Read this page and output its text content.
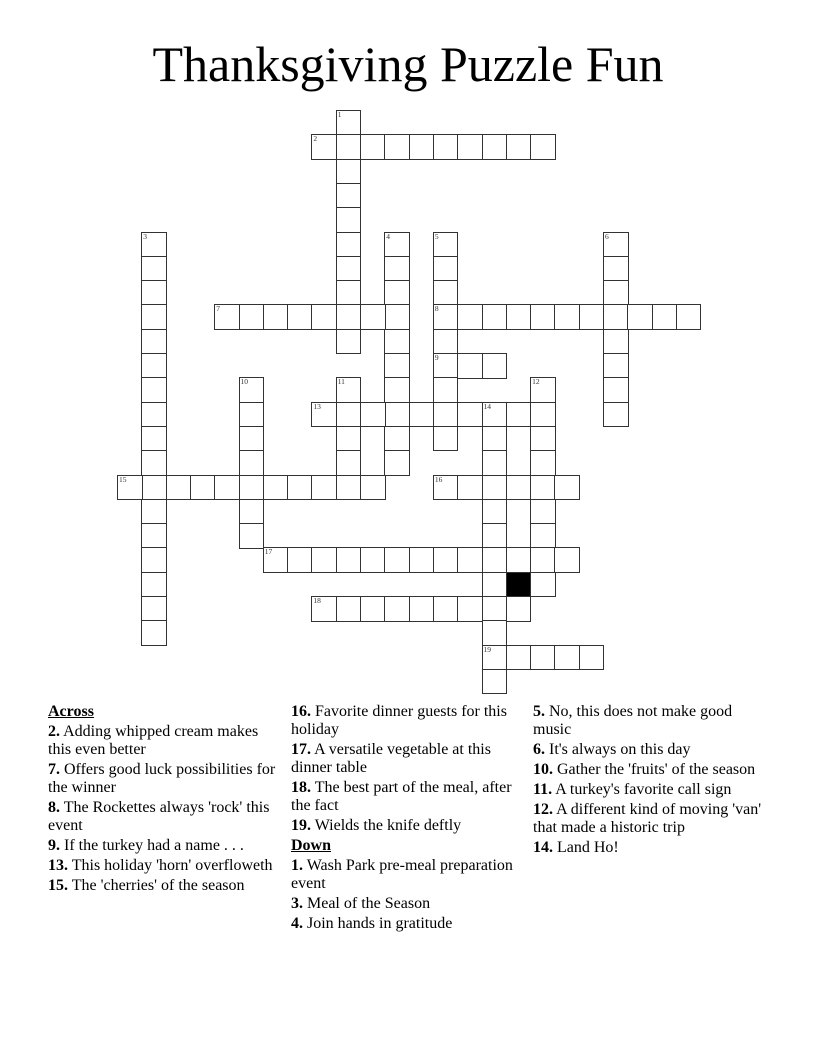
Thanksgiving Puzzle Fun
1
2
3	4	5
8
9
6
7
10	11	12
13	14
19
15	16
17
18
Across
2. Adding whipped cream makes this even better
7. Offers good luck possibilities for the winner
8. The Rockettes always 'rock' this event
9. If the turkey had a name . . .
13. This holiday 'horn' overfloweth
15. The 'cherries' of the season
16. Favorite dinner guests for this holiday
17. A versatile vegetable at this dinner table
18. The best part of the meal, after the fact
19. Wields the knife deftly
Down
1. Wash Park pre-meal preparation event
3. Meal of the Season
4. Join hands in gratitude
5. No, this does not make good music
6. It's always on this day
10. Gather the 'fruits' of the season
11. A turkey's favorite call sign
12. A different kind of moving 'van' that made a historic trip
14. Land Ho!
